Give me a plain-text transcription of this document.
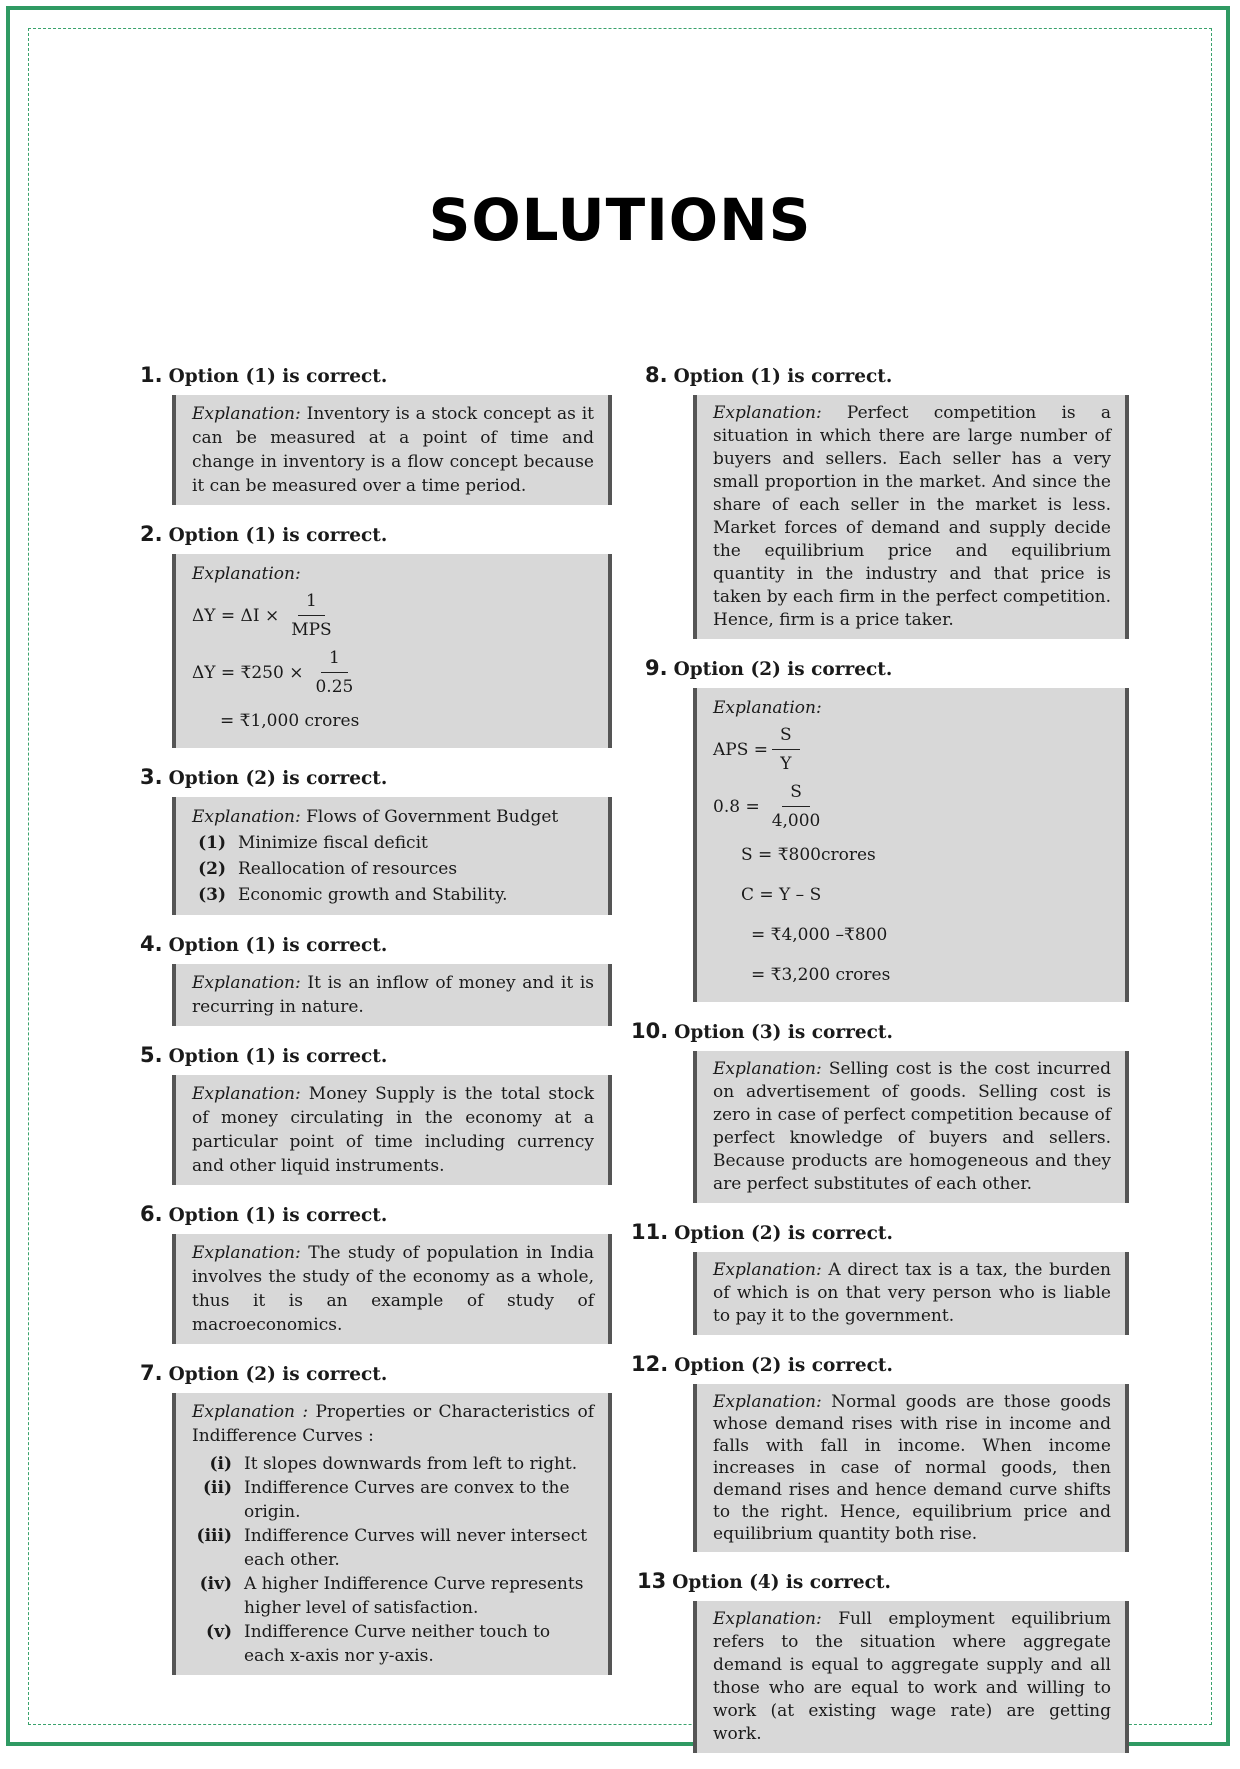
SOLUTIONS
1. Option (1) is correct.
Explanation: Inventory is a stock concept as it can be measured at a point of time and change in inventory is a flow concept because it can be measured over a time period.
2. Option (1) is correct.
Explanation:
$\Delta Y = \Delta I \times \frac{1}{\text{MPS}}$
ΔY = ₹250 × $\frac{1}{0.25}$
= ₹1,000 crores
3. Option (2) is correct.
Explanation: Flows of Government Budget
(1) Minimize fiscal deficit
(2) Reallocation of resources
(3) Economic growth and Stability.
4. Option (1) is correct.
Explanation: It is an inflow of money and it is recurring in nature.
5. Option (1) is correct.
Explanation: Money Supply is the total stock of money circulating in the economy at a particular point of time including currency and other liquid instruments.
6. Option (1) is correct.
Explanation: The study of population in India involves the study of the economy as a whole, thus it is an example of study of macroeconomics.
7. Option (2) is correct.
Explanation : Properties or Characteristics of Indifference Curves :
(i) It slopes downwards from left to right.
(ii) Indifference Curves are convex to the origin.
(iii) Indifference Curves will never intersect each other.
(iv) A higher Indifference Curve represents higher level of satisfaction.
(v) Indifference Curve neither touch to each x-axis nor y-axis.
8. Option (1) is correct.
Explanation: Perfect competition is a situation in which there are large number of buyers and sellers. Each seller has a very small proportion in the market. And since the share of each seller in the market is less. Market forces of demand and supply decide the equilibrium price and equilibrium quantity in the industry and that price is taken by each firm in the perfect competition. Hence, firm is a price taker.
9. Option (2) is correct.
Explanation:
APS = $\frac{S}{Y}$
$0.8 = \frac{S}{4,000}$
S = ₹800crores
C = Y – S
= ₹4,000 –₹800
= ₹3,200 crores
10. Option (3) is correct.
Explanation: Selling cost is the cost incurred on advertisement of goods. Selling cost is zero in case of perfect competition because of perfect knowledge of buyers and sellers. Because products are homogeneous and they are perfect substitutes of each other.
11. Option (2) is correct.
Explanation: A direct tax is a tax, the burden of which is on that very person who is liable to pay it to the government.
12. Option (2) is correct.
Explanation: Normal goods are those goods whose demand rises with rise in income and falls with fall in income. When income increases in case of normal goods, then demand rises and hence demand curve shifts to the right. Hence, equilibrium price and equilibrium quantity both rise.
13 Option (4) is correct.
Explanation: Full employment equilibrium refers to the situation where aggregate demand is equal to aggregate supply and all those who are equal to work and willing to work (at existing wage rate) are getting work.
